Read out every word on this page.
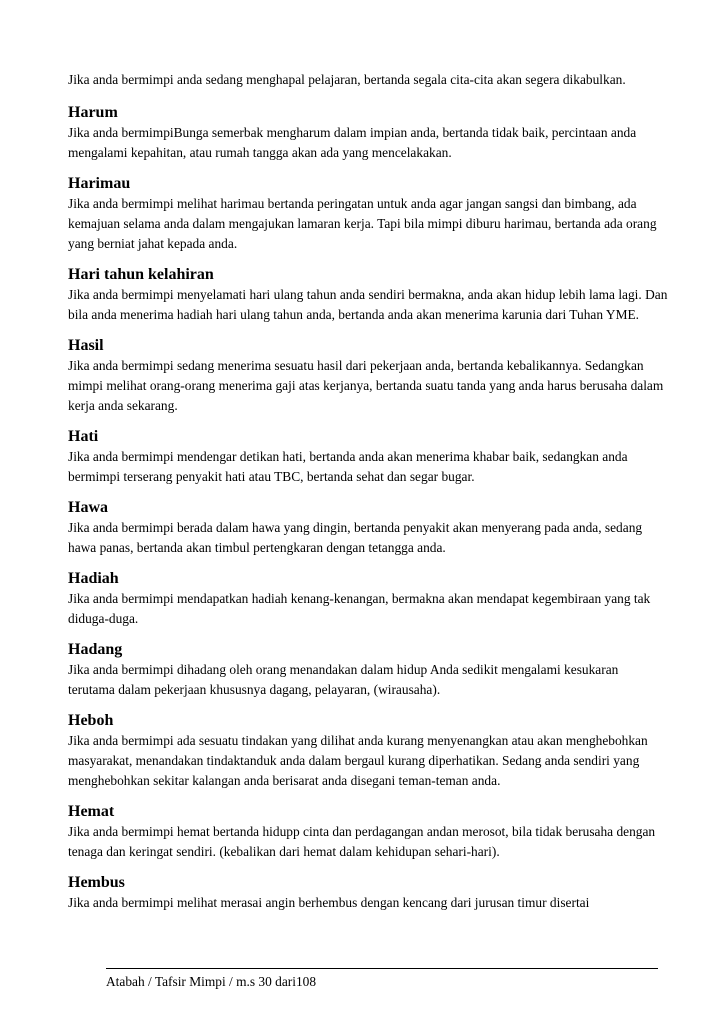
Jika anda bermimpi anda sedang menghapal pelajaran, bertanda segala cita-cita akan segera dikabulkan.

Harum

Jika anda bermimpiBunga semerbak mengharum dalam impian anda, bertanda tidak baik, percintaan anda mengalami kepahitan, atau rumah tangga akan ada yang mencelakakan.

Harimau

Jika anda bermimpi melihat harimau bertanda peringatan untuk anda agar jangan sangsi dan bimbang, ada kemajuan selama anda dalam mengajukan lamaran kerja. Tapi bila mimpi diburu harimau, bertanda ada orang yang berniat jahat kepada anda.

Hari tahun kelahiran

Jika anda bermimpi menyelamati hari ulang tahun anda sendiri bermakna, anda akan hidup lebih lama lagi. Dan bila anda menerima hadiah hari ulang tahun anda, bertanda anda akan menerima karunia dari Tuhan YME.

Hasil

Jika anda bermimpi sedang menerima sesuatu hasil dari pekerjaan anda, bertanda kebalikannya. Sedangkan mimpi melihat orang-orang menerima gaji atas kerjanya, bertanda suatu tanda yang anda harus berusaha dalam kerja anda sekarang.

Hati

Jika anda bermimpi mendengar detikan hati, bertanda anda akan menerima khabar baik, sedangkan anda bermimpi terserang penyakit hati atau TBC, bertanda sehat dan segar bugar.

Hawa

Jika anda bermimpi berada dalam hawa yang dingin, bertanda penyakit akan menyerang pada anda, sedang hawa panas, bertanda akan timbul pertengkaran dengan tetangga anda.

Hadiah

Jika anda bermimpi mendapatkan hadiah kenang-kenangan, bermakna akan mendapat kegembiraan yang tak diduga-duga.

Hadang

Jika anda bermimpi dihadang oleh orang menandakan dalam hidup Anda sedikit mengalami kesukaran terutama dalam pekerjaan khususnya dagang, pelayaran, (wirausaha).

Heboh

Jika anda bermimpi ada sesuatu tindakan yang dilihat anda kurang menyenangkan atau akan menghebohkan masyarakat, menandakan tindaktanduk anda dalam bergaul kurang diperhatikan. Sedang anda sendiri yang menghebohkan sekitar kalangan anda berisarat anda disegani teman-teman anda.

Hemat

Jika anda bermimpi hemat bertanda hidupp cinta dan perdagangan andan merosot, bila tidak berusaha dengan tenaga dan keringat sendiri. (kebalikan dari hemat dalam kehidupan sehari-hari).

Hembus

Jika anda bermimpi melihat merasai angin berhembus dengan kencang dari jurusan timur disertai

Atabah / Tafsir Mimpi / m.s 30 dari108
